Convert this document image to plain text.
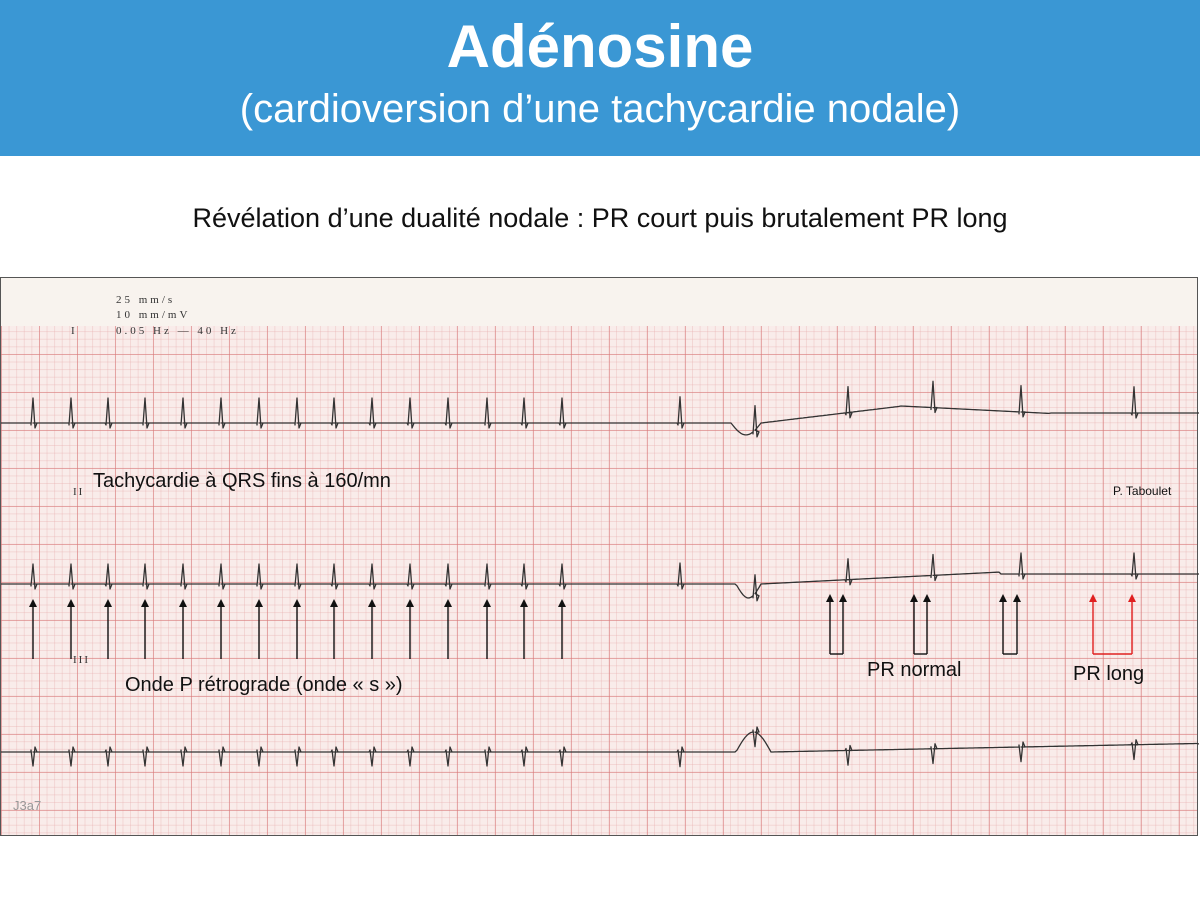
Adénosine
(cardioversion d’une tachycardie nodale)
Révélation d’une dualité nodale : PR court puis brutalement PR long
25 mm/s
10 mm/mV
0.05 Hz — 40 Hz
I
II
III
Tachycardie à QRS fins à 160/mn
Onde P rétrograde (onde « s »)
PR normal	PR long
P. Taboulet
J3a7
